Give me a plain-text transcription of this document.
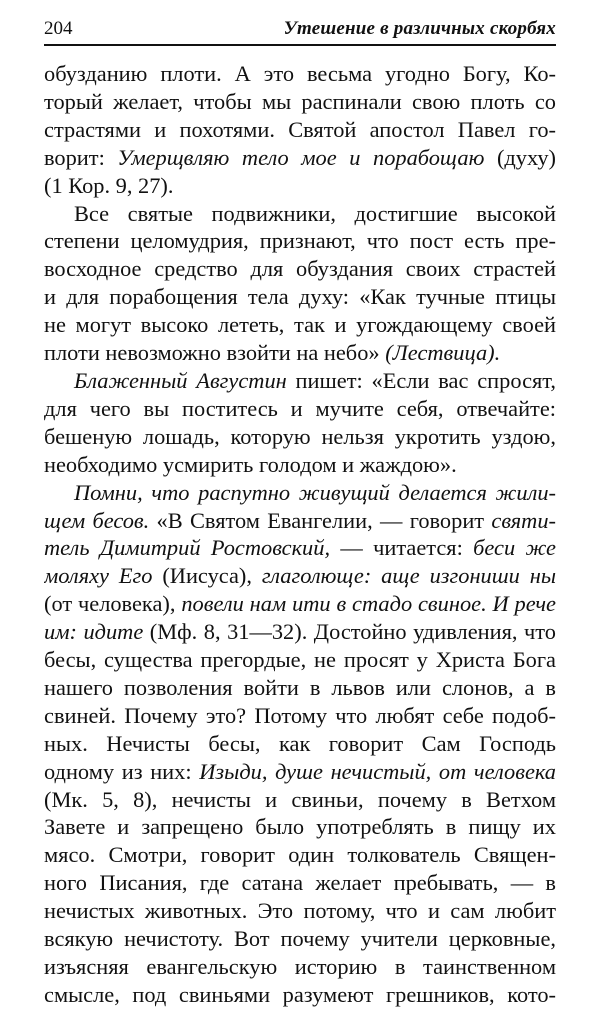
204	Утешение в различных скорбях
обузданию плоти. А это весьма угодно Богу, Ко-
торый желает, чтобы мы распинали свою плоть со
страстями и похотями. Святой апостол Павел го-
ворит: Умерщвляю тело мое и порабощаю (духу)
(1 Кор. 9, 27).
Все святые подвижники, достигшие высокой
степени целомудрия, признают, что пост есть пре-
восходное средство для обуздания своих страстей
и для порабощения тела духу: «Как тучные птицы
не могут высоко лететь, так и угождающему своей
плоти невозможно взойти на небо» (Лествица).
Блаженный Августин пишет: «Если вас спросят,
для чего вы поститесь и мучите себя, отвечайте:
бешеную лошадь, которую нельзя укротить уздою,
необходимо усмирить голодом и жаждою».
Помни, что распутно живущий делается жили-
щем бесов. «В Святом Евангелии, — говорит святи-
тель Димитрий Ростовский, — читается: беси же
моляху Его (Иисуса), глаголюще: аще изгониши ны
(от человека), повели нам ити в стадо свиное. И рече
им: идите (Мф. 8, 31—32). Достойно удивления, что
бесы, существа прегордые, не просят у Христа Бога
нашего позволения войти в львов или слонов, а в
свиней. Почему это? Потому что любят себе подоб-
ных. Нечисты бесы, как говорит Сам Господь
одному из них: Изыди, душе нечистый, от человека
(Мк. 5, 8), нечисты и свиньи, почему в Ветхом
Завете и запрещено было употреблять в пищу их
мясо. Смотри, говорит один толкователь Священ-
ного Писания, где сатана желает пребывать, — в
нечистых животных. Это потому, что и сам любит
всякую нечистоту. Вот почему учители церковные,
изъясняя евангельскую историю в таинственном
смысле, под свиньями разумеют грешников, кото-
